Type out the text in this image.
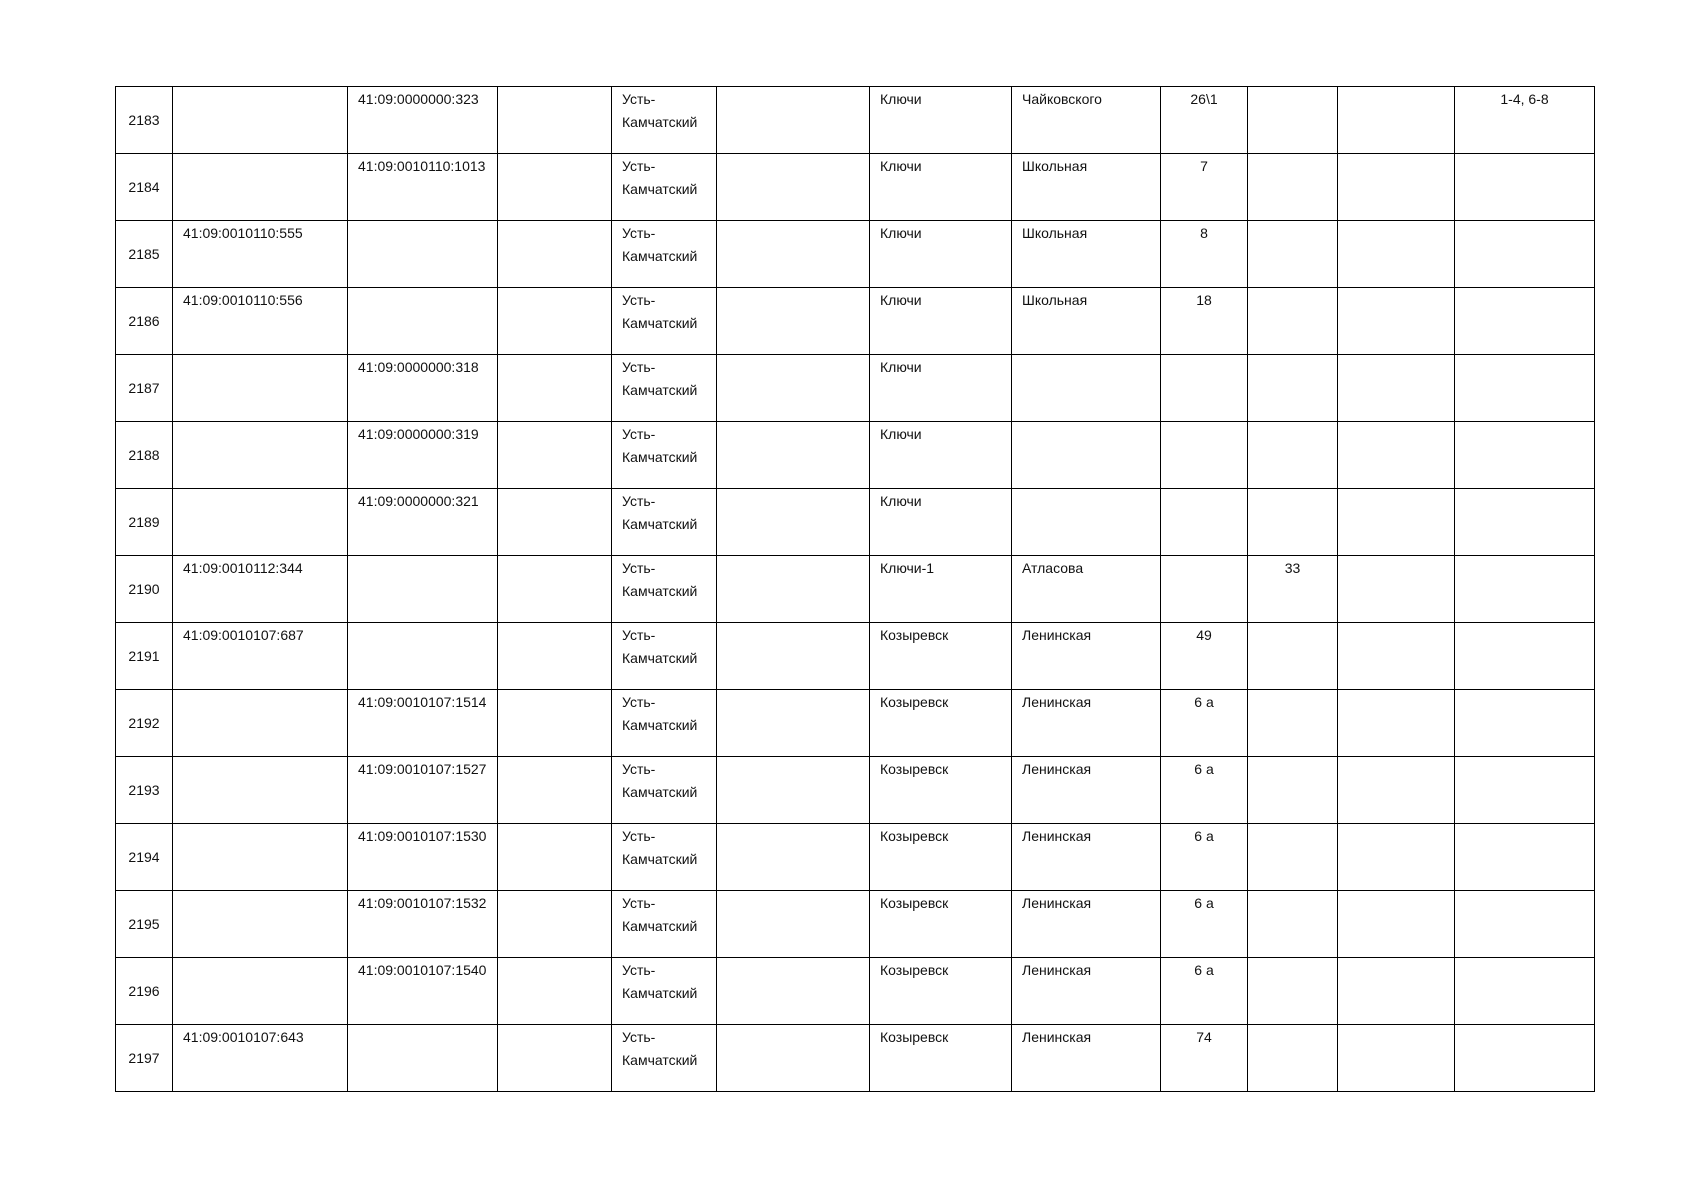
2183		41:09:0000000:323		Усть-Камчатский		Ключи	Чайковского	26\1			1-4, 6-8

2184		41:09:0010110:1013		Усть-Камчатский		Ключи	Школьная	7			

2185	41:09:0010110:555			Усть-Камчатский		Ключи	Школьная	8			

2186	41:09:0010110:556			Усть-Камчатский		Ключи	Школьная	18			

2187		41:09:0000000:318		Усть-Камчатский		Ключи					

2188		41:09:0000000:319		Усть-Камчатский		Ключи					

2189		41:09:0000000:321		Усть-Камчатский		Ключи					

2190	41:09:0010112:344			Усть-Камчатский		Ключи-1	Атласова		33		

2191	41:09:0010107:687			Усть-Камчатский		Козыревск	Ленинская	49			

2192		41:09:0010107:1514		Усть-Камчатский		Козыревск	Ленинская	6 а			

2193		41:09:0010107:1527		Усть-Камчатский		Козыревск	Ленинская	6 а			

2194		41:09:0010107:1530		Усть-Камчатский		Козыревск	Ленинская	6 а			

2195		41:09:0010107:1532		Усть-Камчатский		Козыревск	Ленинская	6 а			

2196		41:09:0010107:1540		Усть-Камчатский		Козыревск	Ленинская	6 а			

2197	41:09:0010107:643			Усть-Камчатский		Козыревск	Ленинская	74			
